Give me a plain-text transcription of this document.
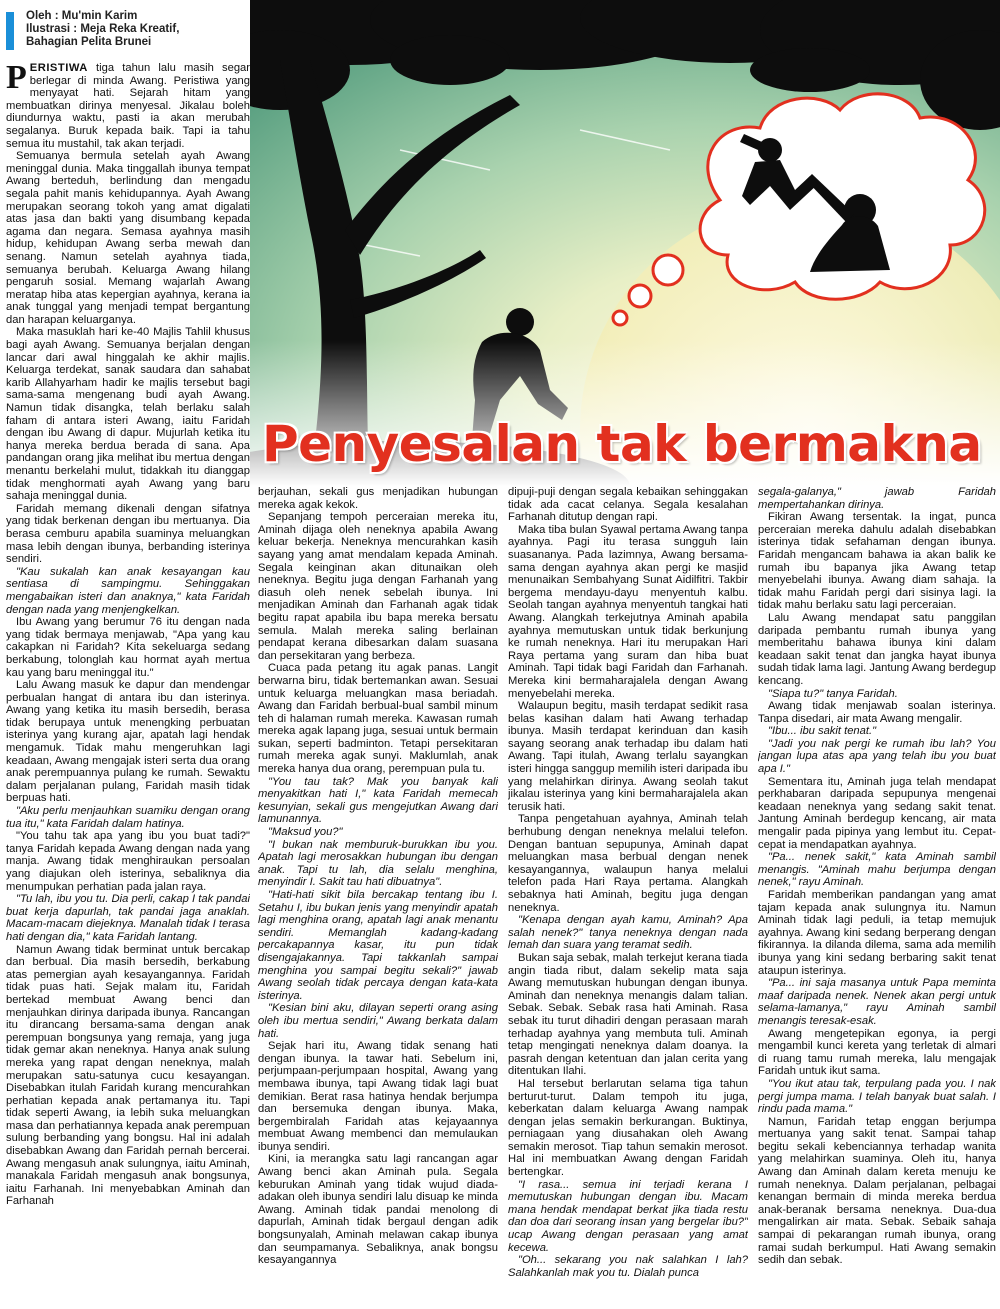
Oleh : Mu'min Karim
Ilustrasi : Meja Reka Kreatif,
Bahagian Pelita Brunei
Penyesalan tak bermakna

PERISTIWA tiga tahun lalu masih segar berlegar di minda Awang. Peristiwa yang menyayat hati. Sejarah hitam yang membuatkan dirinya menyesal. Jikalau boleh diundurnya waktu, pasti ia akan merubah segalanya. Buruk kepada baik. Tapi ia tahu semua itu mustahil, tak akan terjadi.

Semuanya bermula setelah ayah Awang meninggal dunia. Maka tinggallah ibunya tempat Awang berteduh, berlindung dan mengadu segala pahit manis kehidupannya. Ayah Awang merupakan seorang tokoh yang amat digalati atas jasa dan bakti yang disumbang kepada agama dan negara. Semasa ayahnya masih hidup, kehidupan Awang serba mewah dan senang. Namun setelah ayahnya tiada, semuanya berubah. Keluarga Awang hilang pengaruh sosial. Memang wajarlah Awang meratap hiba atas kepergian ayahnya, kerana ia anak tunggal yang menjadi tempat bergantung dan harapan keluarganya.

Maka masuklah hari ke-40 Majlis Tahlil khusus bagi ayah Awang. Semuanya berjalan dengan lancar dari awal hinggalah ke akhir majlis. Keluarga terdekat, sanak saudara dan sahabat karib Allahyarham hadir ke majlis tersebut bagi sama-sama mengenang budi ayah Awang. Namun tidak disangka, telah berlaku salah faham di antara isteri Awang, iaitu Faridah dengan ibu Awang di dapur. Mujurlah ketika itu hanya mereka berdua berada di sana. Apa pandangan orang jika melihat ibu mertua dengan menantu berkelahi mulut, tidakkah itu dianggap tidak menghormati ayah Awang yang baru sahaja meninggal dunia.

Faridah memang dikenali dengan sifatnya yang tidak berkenan dengan ibu mertuanya. Dia berasa cemburu apabila suaminya meluangkan masa lebih dengan ibunya, berbanding isterinya sendiri.

"Kau sukalah kan anak kesayangan kau sentiasa di sampingmu. Sehinggakan mengabaikan isteri dan anaknya," kata Faridah dengan nada yang menjengkelkan.

Ibu Awang yang berumur 76 itu dengan nada yang tidak bermaya menjawab, "Apa yang kau cakapkan ni Faridah? Kita sekeluarga sedang berkabung, tolonglah kau hormat ayah mertua kau yang baru meninggal itu."

Lalu Awang masuk ke dapur dan mendengar perbualan hangat di antara ibu dan isterinya. Awang yang ketika itu masih bersedih, berasa tidak berupaya untuk menengking perbuatan isterinya yang kurang ajar, apatah lagi hendak mengamuk. Tidak mahu mengeruhkan lagi keadaan, Awang mengajak isteri serta dua orang anak perempuannya pulang ke rumah. Sewaktu dalam perjalanan pulang, Faridah masih tidak berpuas hati.

"Aku perlu menjauhkan suamiku dengan orang tua itu," kata Faridah dalam hatinya.

"You tahu tak apa yang ibu you buat tadi?" tanya Faridah kepada Awang dengan nada yang manja. Awang tidak menghiraukan persoalan yang diajukan oleh isterinya, sebaliknya dia menumpukan perhatian pada jalan raya.

"Tu lah, ibu you tu. Dia perli, cakap I tak pandai buat kerja dapurlah, tak pandai jaga anaklah. Macam-macam diejeknya. Manalah tidak I terasa hati dengan dia," kata Faridah lantang.

Namun Awang tidak berminat untuk bercakap dan berbual. Dia masih bersedih, berkabung atas pemergian ayah kesayangannya. Faridah tidak puas hati. Sejak malam itu, Faridah bertekad membuat Awang benci dan menjauhkan dirinya daripada ibunya. Rancangan itu dirancang bersama-sama dengan anak perempuan bongsunya yang remaja, yang juga tidak gemar akan neneknya. Hanya anak sulung mereka yang rapat dengan neneknya, malah merupakan satu-satunya cucu kesayangan. Disebabkan itulah Faridah kurang mencurahkan perhatian kepada anak pertamanya itu. Tapi tidak seperti Awang, ia lebih suka meluangkan masa dan perhatiannya kepada anak perempuan sulung berbanding yang bongsu. Hal ini adalah disebabkan Awang dan Faridah pernah bercerai. Awang mengasuh anak sulungnya, iaitu Aminah, manakala Faridah mengasuh anak bongsunya, iaitu Farhanah. Ini menyebabkan Aminah dan Farhanah

berjauhan, sekali gus menjadikan hubungan mereka agak kekok.

Sepanjang tempoh perceraian mereka itu, Aminah dijaga oleh neneknya apabila Awang keluar bekerja. Neneknya mencurahkan kasih sayang yang amat mendalam kepada Aminah. Segala keinginan akan ditunaikan oleh neneknya. Begitu juga dengan Farhanah yang diasuh oleh nenek sebelah ibunya. Ini menjadikan Aminah dan Farhanah agak tidak begitu rapat apabila ibu bapa mereka bersatu semula. Malah mereka saling berlainan pendapat kerana dibesarkan dalam suasana dan persekitaran yang berbeza.

Cuaca pada petang itu agak panas. Langit berwarna biru, tidak bertemankan awan. Sesuai untuk keluarga meluangkan masa beriadah. Awang dan Faridah berbual-bual sambil minum teh di halaman rumah mereka. Kawasan rumah mereka agak lapang juga, sesuai untuk bermain sukan, seperti badminton. Tetapi persekitaran rumah mereka agak sunyi. Maklumlah, anak mereka hanya dua orang, perempuan pula tu.

"You tau tak? Mak you banyak kali menyakitkan hati I," kata Faridah memecah kesunyian, sekali gus mengejutkan Awang dari lamunannya.

"Maksud you?"

"I bukan nak memburuk-burukkan ibu you. Apatah lagi merosakkan hubungan ibu dengan anak. Tapi tu lah, dia selalu menghina, menyindir I. Sakit tau hati dibuatnya".

"Hati-hati sikit bila bercakap tentang ibu I. Setahu I, ibu bukan jenis yang menyindir apatah lagi menghina orang, apatah lagi anak menantu sendiri. Memanglah kadang-kadang percakapannya kasar, itu pun tidak disengajakannya. Tapi takkanlah sampai menghina you sampai begitu sekali?" jawab Awang seolah tidak percaya dengan kata-kata isterinya.

"Kesian bini aku, dilayan seperti orang asing oleh ibu mertua sendiri," Awang berkata dalam hati.

Sejak hari itu, Awang tidak senang hati dengan ibunya. Ia tawar hati. Sebelum ini, perjumpaan-perjumpaan hospital, Awang yang membawa ibunya, tapi Awang tidak lagi buat demikian. Berat rasa hatinya hendak berjumpa dan bersemuka dengan ibunya. Maka, bergembiralah Faridah atas kejayaannya membuat Awang membenci dan memulaukan ibunya sendiri.

Kini, ia merangka satu lagi rancangan agar Awang benci akan Aminah pula. Segala keburukan Aminah yang tidak wujud diada-adakan oleh ibunya sendiri lalu disuap ke minda Awang. Aminah tidak pandai menolong di dapurlah, Aminah tidak bergaul dengan adik bongsunyalah, Aminah melawan cakap ibunya dan seumpamanya. Sebaliknya, anak bongsu kesayangannya

dipuji-puji dengan segala kebaikan sehinggakan tidak ada cacat celanya. Segala kesalahan Farhanah ditutup dengan rapi.

Maka tiba bulan Syawal pertama Awang tanpa ayahnya. Pagi itu terasa sungguh lain suasananya. Pada lazimnya, Awang bersama-sama dengan ayahnya akan pergi ke masjid menunaikan Sembahyang Sunat Aidilfitri. Takbir bergema mendayu-dayu menyentuh kalbu. Seolah tangan ayahnya menyentuh tangkai hati Awang. Alangkah terkejutnya Aminah apabila ayahnya memutuskan untuk tidak berkunjung ke rumah neneknya. Hari itu merupakan Hari Raya pertama yang suram dan hiba buat Aminah. Tapi tidak bagi Faridah dan Farhanah. Mereka kini bermaharajalela dengan Awang menyebelahi mereka.

Walaupun begitu, masih terdapat sedikit rasa belas kasihan dalam hati Awang terhadap ibunya. Masih terdapat kerinduan dan kasih sayang seorang anak terhadap ibu dalam hati Awang. Tapi itulah, Awang terlalu sayangkan isteri hingga sanggup memilih isteri daripada ibu yang melahirkan dirinya. Awang seolah takut jikalau isterinya yang kini bermaharajalela akan terusik hati.

Tanpa pengetahuan ayahnya, Aminah telah berhubung dengan neneknya melalui telefon. Dengan bantuan sepupunya, Aminah dapat meluangkan masa berbual dengan nenek kesayangannya, walaupun hanya melalui telefon pada Hari Raya pertama. Alangkah sebaknya hati Aminah, begitu juga dengan neneknya.

"Kenapa dengan ayah kamu, Aminah? Apa salah nenek?" tanya neneknya dengan nada lemah dan suara yang teramat sedih.

Bukan saja sebak, malah terkejut kerana tiada angin tiada ribut, dalam sekelip mata saja Awang memutuskan hubungan dengan ibunya. Aminah dan neneknya menangis dalam talian. Sebak. Sebak. Sebak rasa hati Aminah. Rasa sebak itu turut dihadiri dengan perasaan marah terhadap ayahnya yang membuta tuli. Aminah tetap mengingati neneknya dalam doanya. Ia pasrah dengan ketentuan dan jalan cerita yang ditentukan Ilahi.

Hal tersebut berlarutan selama tiga tahun berturut-turut. Dalam tempoh itu juga, keberkatan dalam keluarga Awang nampak dengan jelas semakin berkurangan. Buktinya, perniagaan yang diusahakan oleh Awang semakin merosot. Tiap tahun semakin merosot. Hal ini membuatkan Awang dengan Faridah bertengkar.

"I rasa... semua ini terjadi kerana I memutuskan hubungan dengan ibu. Macam mana hendak mendapat berkat jika tiada restu dan doa dari seorang insan yang bergelar ibu?" ucap Awang dengan perasaan yang amat kecewa.

"Oh... sekarang you nak salahkan I lah? Salahkanlah mak you tu. Dialah punca

segala-galanya," jawab Faridah mempertahankan dirinya.

Fikiran Awang tersentak. Ia ingat, punca perceraian mereka dahulu adalah disebabkan isterinya tidak sefahaman dengan ibunya. Faridah mengancam bahawa ia akan balik ke rumah ibu bapanya jika Awang tetap menyebelahi ibunya. Awang diam sahaja. Ia tidak mahu Faridah pergi dari sisinya lagi. Ia tidak mahu berlaku satu lagi perceraian.

Lalu Awang mendapat satu panggilan daripada pembantu rumah ibunya yang memberitahu bahawa ibunya kini dalam keadaan sakit tenat dan jangka hayat ibunya sudah tidak lama lagi. Jantung Awang berdegup kencang.

"Siapa tu?" tanya Faridah.

Awang tidak menjawab soalan isterinya. Tanpa disedari, air mata Awang mengalir.

"Ibu... ibu sakit tenat."

"Jadi you nak pergi ke rumah ibu lah? You jangan lupa atas apa yang telah ibu you buat apa I."

Sementara itu, Aminah juga telah mendapat perkhabaran daripada sepupunya mengenai keadaan neneknya yang sedang sakit tenat. Jantung Aminah berdegup kencang, air mata mengalir pada pipinya yang lembut itu. Cepat-cepat ia mendapatkan ayahnya.

"Pa... nenek sakit," kata Aminah sambil menangis. "Aminah mahu berjumpa dengan nenek," rayu Aminah.

Faridah memberikan pandangan yang amat tajam kepada anak sulungnya itu. Namun Aminah tidak lagi peduli, ia tetap memujuk ayahnya. Awang kini sedang berperang dengan fikirannya. Ia dilanda dilema, sama ada memilih ibunya yang kini sedang berbaring sakit tenat ataupun isterinya.

"Pa... ini saja masanya untuk Papa meminta maaf daripada nenek. Nenek akan pergi untuk selama-lamanya," rayu Aminah sambil menangis teresak-esak.

Awang mengetepikan egonya, ia pergi mengambil kunci kereta yang terletak di almari di ruang tamu rumah mereka, lalu mengajak Faridah untuk ikut sama.

"You ikut atau tak, terpulang pada you. I nak pergi jumpa mama. I telah banyak buat salah. I rindu pada mama."

Namun, Faridah tetap enggan berjumpa mertuanya yang sakit tenat. Sampai tahap begitu sekali kebenciannya terhadap wanita yang melahirkan suaminya. Oleh itu, hanya Awang dan Aminah dalam kereta menuju ke rumah neneknya. Dalam perjalanan, pelbagai kenangan bermain di minda mereka berdua anak-beranak bersama neneknya. Dua-dua mengalirkan air mata. Sebak. Sebaik sahaja sampai di pekarangan rumah ibunya, orang ramai sudah berkumpul. Hati Awang semakin sedih dan sebak.
